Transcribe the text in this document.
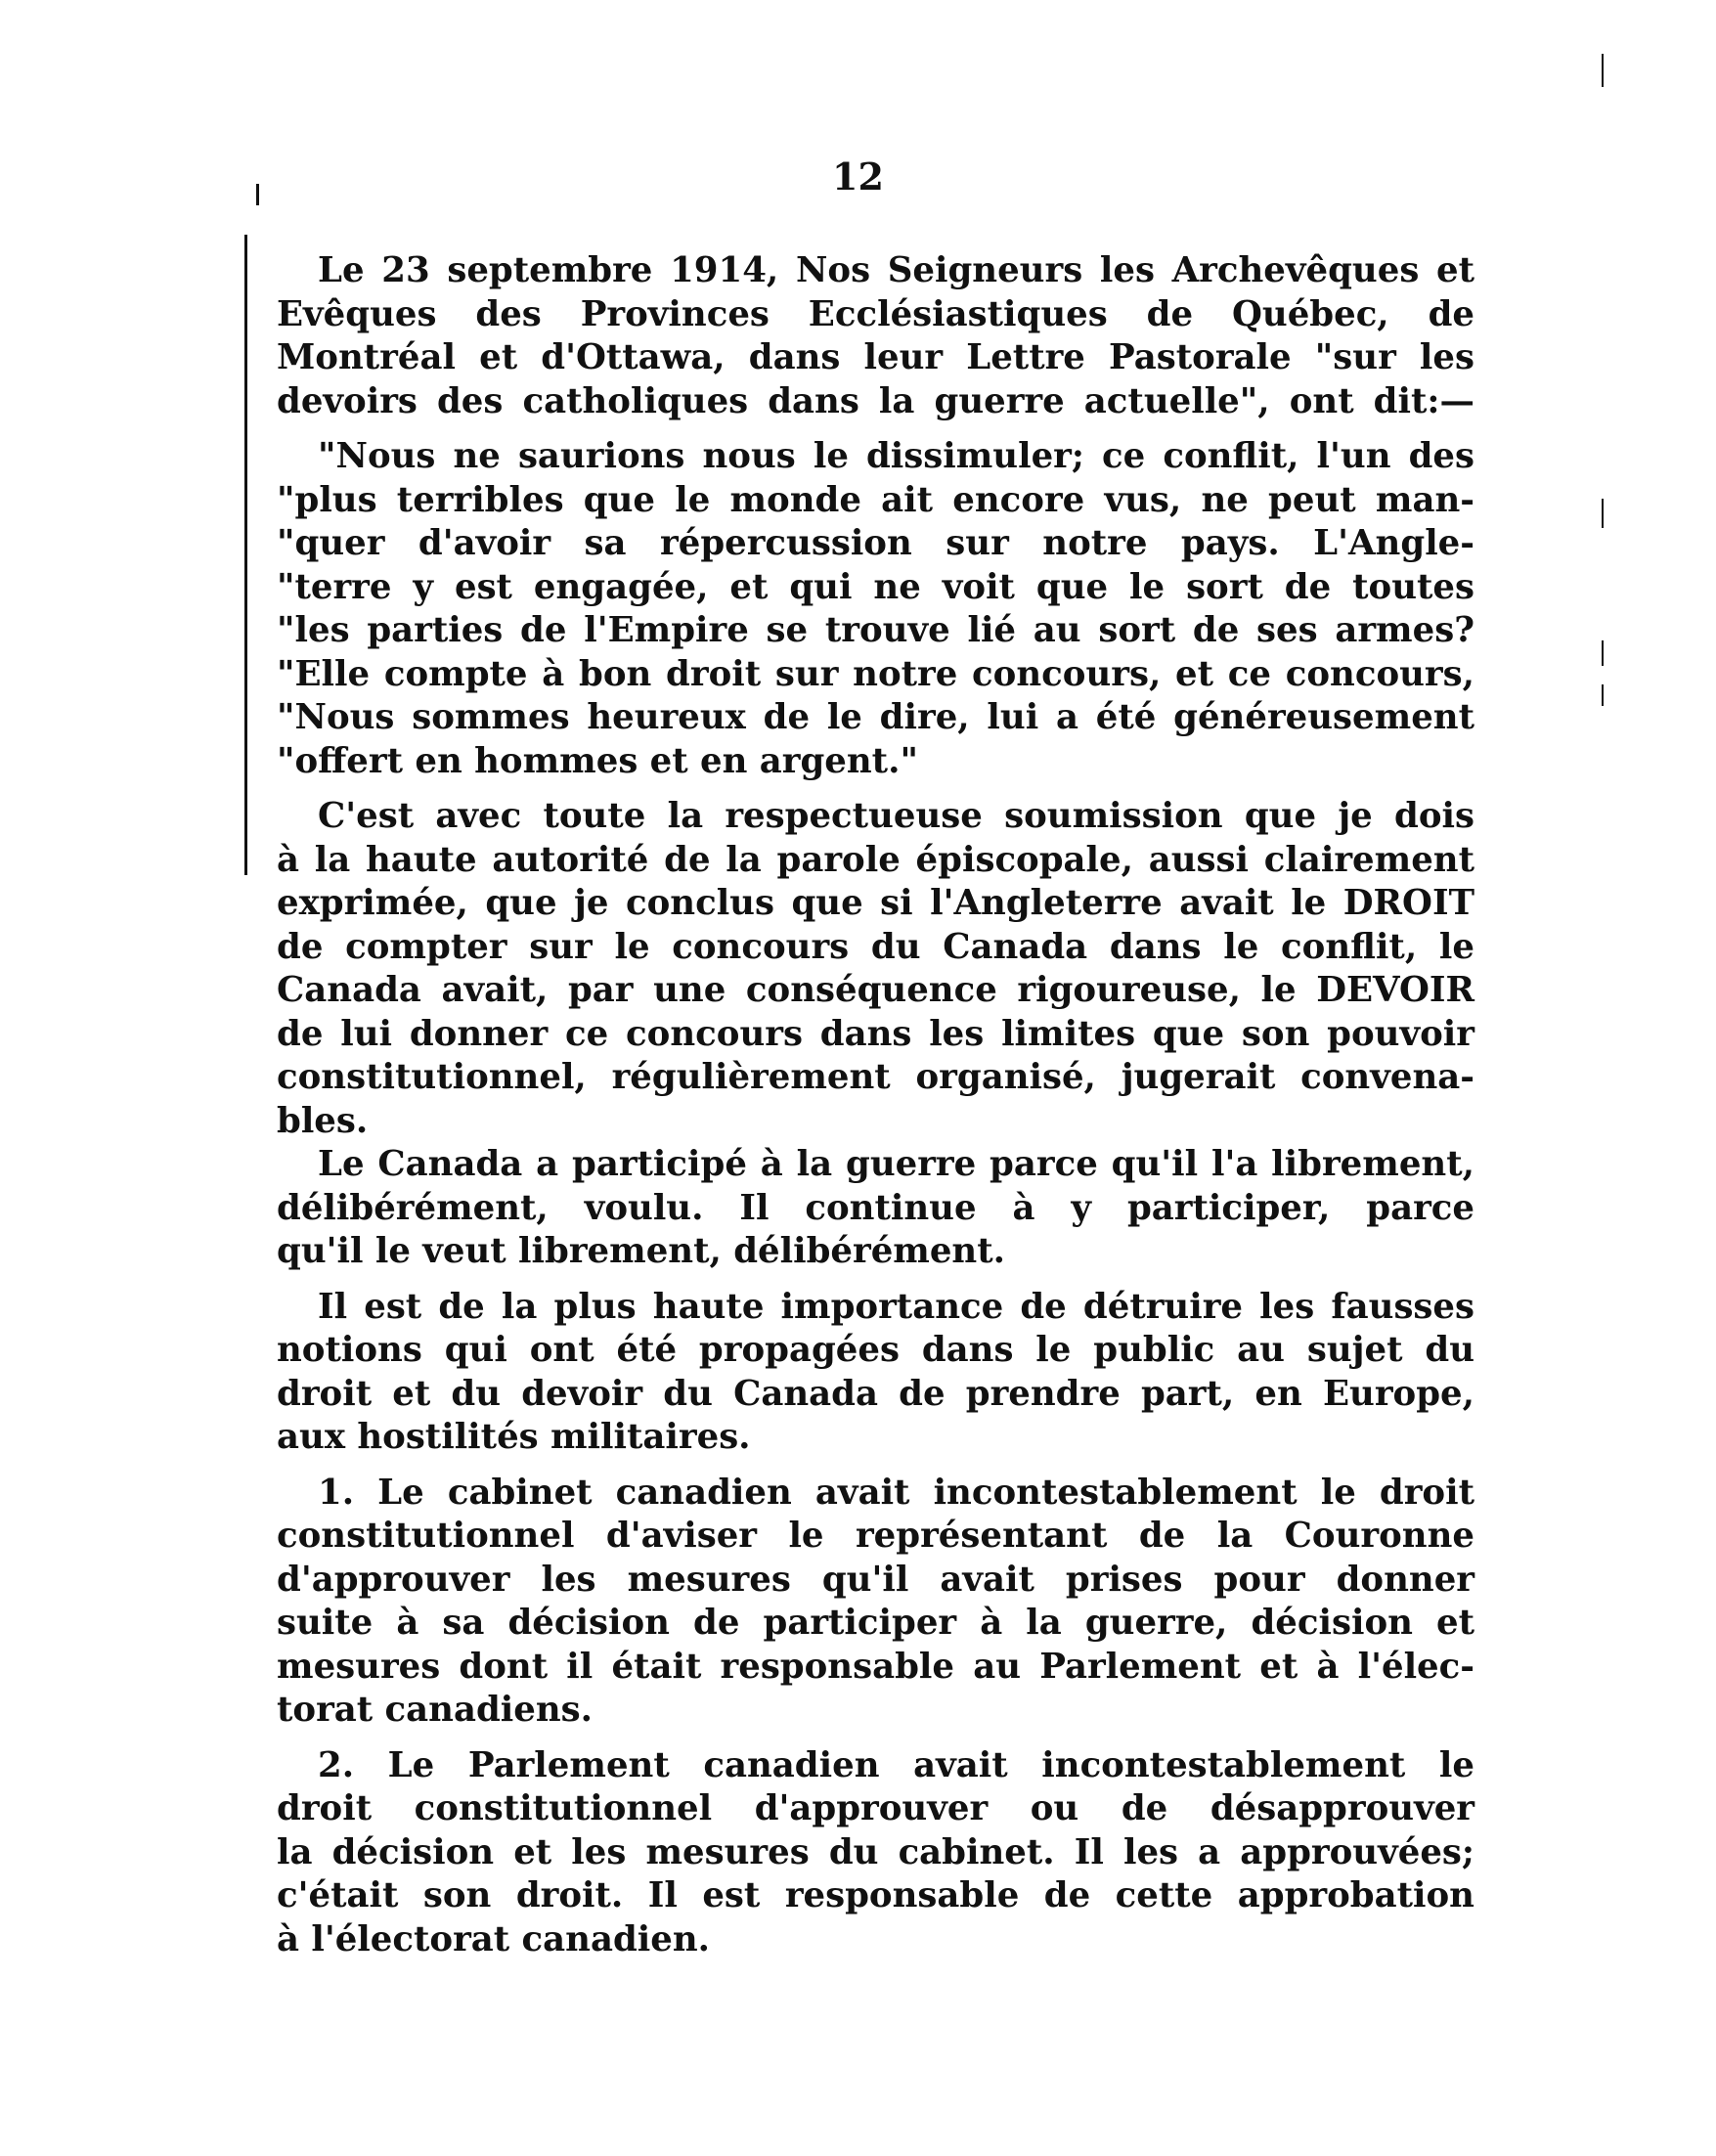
12
Le 23 septembre 1914, Nos Seigneurs les Archevêques et
Evêques des Provinces Ecclésiastiques de Québec, de
Montréal et d'Ottawa, dans leur Lettre Pastorale "sur les
devoirs des catholiques dans la guerre actuelle", ont dit:—
"Nous ne saurions nous le dissimuler; ce conflit, l'un des
"plus terribles que le monde ait encore vus, ne peut man-
"quer d'avoir sa répercussion sur notre pays. L'Angle-
"terre y est engagée, et qui ne voit que le sort de toutes
"les parties de l'Empire se trouve lié au sort de ses armes?
"Elle compte à bon droit sur notre concours, et ce concours,
"Nous sommes heureux de le dire, lui a été généreusement
"offert en hommes et en argent."
C'est avec toute la respectueuse soumission que je dois
à la haute autorité de la parole épiscopale, aussi clairement
exprimée, que je conclus que si l'Angleterre avait le DROIT
de compter sur le concours du Canada dans le conflit, le
Canada avait, par une conséquence rigoureuse, le DEVOIR
de lui donner ce concours dans les limites que son pouvoir
constitutionnel, régulièrement organisé, jugerait convena-
bles.
Le Canada a participé à la guerre parce qu'il l'a librement,
délibérément, voulu. Il continue à y participer, parce
qu'il le veut librement, délibérément.
Il est de la plus haute importance de détruire les fausses
notions qui ont été propagées dans le public au sujet du
droit et du devoir du Canada de prendre part, en Europe,
aux hostilités militaires.
1. Le cabinet canadien avait incontestablement le droit
constitutionnel d'aviser le représentant de la Couronne
d'approuver les mesures qu'il avait prises pour donner
suite à sa décision de participer à la guerre, décision et
mesures dont il était responsable au Parlement et à l'élec-
torat canadiens.
2. Le Parlement canadien avait incontestablement le
droit constitutionnel d'approuver ou de désapprouver
la décision et les mesures du cabinet. Il les a approuvées;
c'était son droit. Il est responsable de cette approbation
à l'électorat canadien.
